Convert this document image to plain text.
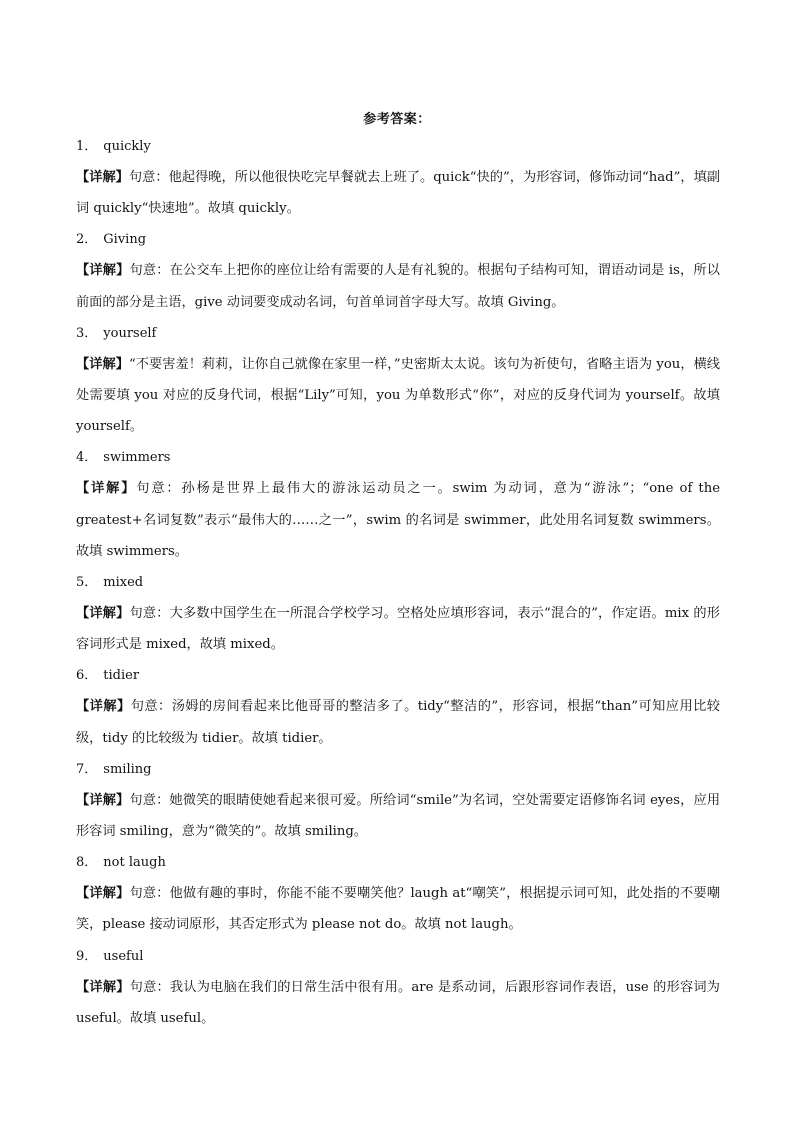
参考答案：
1． quickly

【详解】句意：他起得晚，所以他很快吃完早餐就去上班了。quick“快的”，为形容词，修饰动词“had”，填副词 quickly“快速地”。故填 quickly。

2． Giving

【详解】句意：在公交车上把你的座位让给有需要的人是有礼貌的。根据句子结构可知，谓语动词是 is，所以前面的部分是主语，give 动词要变成动名词，句首单词首字母大写。故填 Giving。

3． yourself

【详解】“不要害羞！莉莉，让你自己就像在家里一样，”史密斯太太说。该句为祈使句，省略主语为 you，横线处需要填 you 对应的反身代词，根据“Lily”可知，you 为单数形式“你”，对应的反身代词为 yourself。故填 yourself。

4． swimmers

【详解】句意：孙杨是世界上最伟大的游泳运动员之一。swim 为动词，意为“游泳”；“one of the greatest+名词复数”表示“最伟大的……之一”，swim 的名词是 swimmer，此处用名词复数 swimmers。故填 swimmers。

5． mixed

【详解】句意：大多数中国学生在一所混合学校学习。空格处应填形容词，表示“混合的”，作定语。mix 的形容词形式是 mixed，故填 mixed。

6． tidier

【详解】句意：汤姆的房间看起来比他哥哥的整洁多了。tidy“整洁的”，形容词，根据“than”可知应用比较级，tidy 的比较级为 tidier。故填 tidier。

7． smiling

【详解】句意：她微笑的眼睛使她看起来很可爱。所给词“smile”为名词，空处需要定语修饰名词 eyes，应用形容词 smiling，意为“微笑的”。故填 smiling。

8． not laugh

【详解】句意：他做有趣的事时，你能不能不要嘲笑他？laugh at“嘲笑”，根据提示词可知，此处指的不要嘲笑，please 接动词原形，其否定形式为 please not do。故填 not laugh。

9． useful

【详解】句意：我认为电脑在我们的日常生活中很有用。are 是系动词，后跟形容词作表语，use 的形容词为 useful。故填 useful。
